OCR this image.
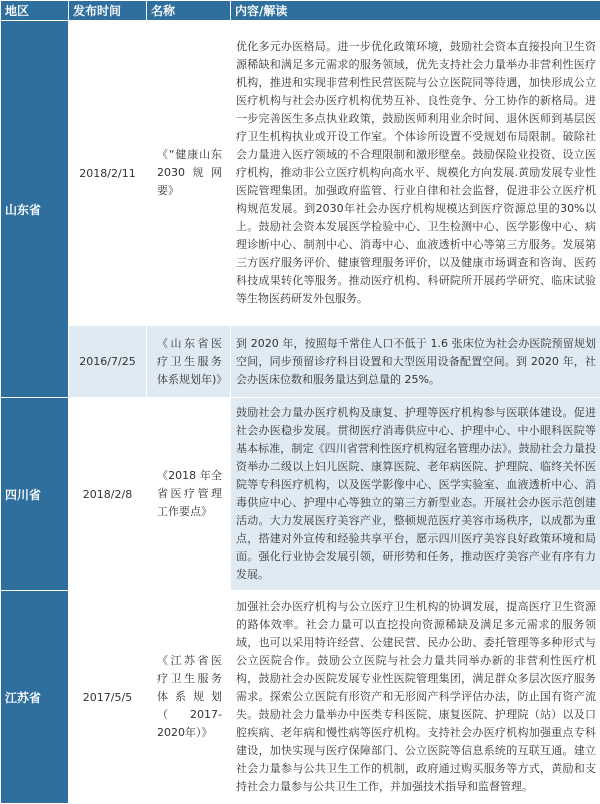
地区	发布时间	名称	内容/解读
山东省	2018/2/11	《“健康山东2030规网要》	优化多元办医格局。进一步优化政策环境，鼓励社会资本直接投向卫生资源稀缺和满足多元需求的服务领域，优先支持社会力量举办非营利性医疗机构，推进和实现非营利性民营医院与公立医院同等待遇，加快形成公立医疗机构与社会办医疗机构优势互补、良性竞争、分工协作的新格局。进一步完善医生多点执业政策，鼓励医师利用业余时间、退休医师到基层医疗卫生机构执业或开设工作室。个体诊所设置不受规划布局限制。破除社会力量进入医疗领域的不合理限制和激形壁垒。鼓励保险业投资、设立医疗机构，推动非公立医疗机构向高水平、规模化方向发展.黄励发展专业性医院管理集团。加强政府监管、行业自律和社会监督，促进非公立医疗机构规范发展。到2030年社会办医疗机构规模达到医疗资源总里的30%以上。鼓励社会资本发展医学检验中心、卫生检测中心、医学影像中心、病理诊断中心、制剂中心、消毒中心、血液透析中心等第三方服务。发展第三方医疗服务评价、健康管理服务评价，以及健康市场调查和咨询、医药科技成果转化等服务。推动医疗机构、科研院所开展药学研究、临床试验等生物医药研发外包服务。
	2016/7/25	《山东省医疗卫生服务体系规划年)》	到 2020 年，按照每千常住人口不低于 1.6 张床位为社会办医院预留规划空间，同步预留诊疗科目设置和大型医用设备配置空间。到 2020 年，社会办医床位数和服务量达到总量的 25%。
四川省	2018/2/8	《2018 年全省医疗管理工作要点》	鼓励社会力量办医疗机构及康复、护理等医疗机构参与医联体建设。促进社会办医稳步发展。贯彻医疗消毒供应中心、护理中心、中小眼科医院等基本标准，制定《四川省营利性医疗机构冠名管理办法》。鼓励社会力量投资举办二级以上妇儿医院、康算医院、老年病医院、护理院、临终关怀医院等专科医疗机构，以及医学影像中心、医学实验室、血液透析中心、消毒供应中心、护理中心等独立的第三方新型业态。开展社会办医示范创建活动。大力发展医疗美容产业，整顿规范医疗美容市场秩序，以成都为重点，搭建对外宣传和经验共享平台，愿示四川医疗美容良好政策环境和局面。强化行业协会发展引领，研形势和任务，推动医疗美容产业有序有力发展。
江苏省	2017/5/5	《江苏省医疗卫生服务体系规划（2017-2020年）》	加强社会办医疗机构与公立医疗卫生机构的协调发展，提高医疗卫生资源的路体效率。社会力量可以直挖投向资源稀缺及满足多元需求的服务领域，也可以采用特许经营、公建民营、民办公助、委托管理等多种形式与公立医院合作。鼓励公立医院与社会力量共同举办新的非营利性医疗机构，鼓励社会办医院发展专业性医院管理集团，满足群众多层次医疗服务需求。探索公立医院有形资产和无形阅产科学评估办法，防止国有资产流失。鼓励社会力量举办中医类专科医院、康复医院、护理院（站）以及口腔疾病、老年病和慢性病等医疗机构。支持社会办医疗机构加强重点专科建设，加快实现与医疗保障部门、公立医院等信息系统的互联互通。建立社会力量参与公共卫生工作的机制，政府通过购买服务等方式，黄励和支持社会力量参与公共卫生工作，并加强技术指导和监督管理。
